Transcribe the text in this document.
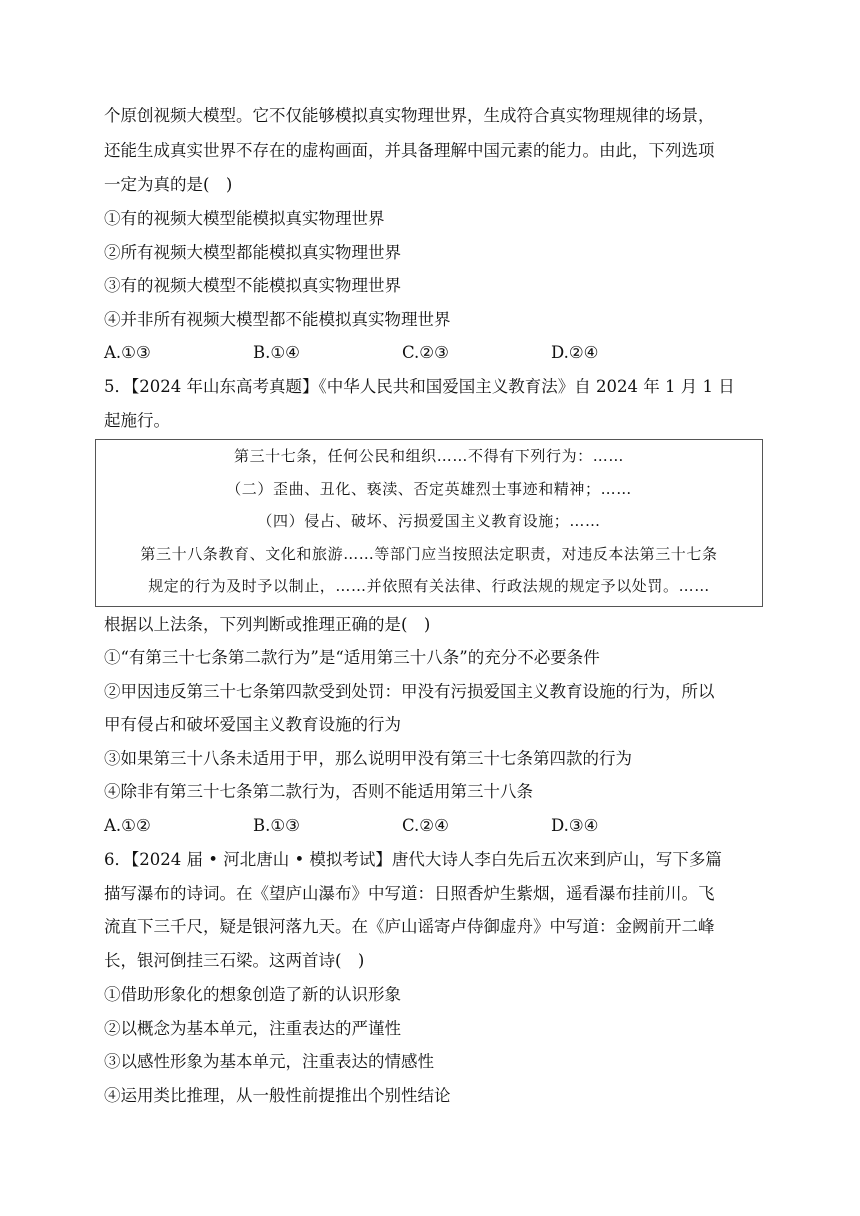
个原创视频大模型。它不仅能够模拟真实物理世界，生成符合真实物理规律的场景，
还能生成真实世界不存在的虚构画面，并具备理解中国元素的能力。由此，下列选项
一定为真的是(　)
①有的视频大模型能模拟真实物理世界
②所有视频大模型都能模拟真实物理世界
③有的视频大模型不能模拟真实物理世界
④并非所有视频大模型都不能模拟真实物理世界
A.①③	B.①④	C.②③	D.②④
5．【2024 年山东高考真题】《中华人民共和国爱国主义教育法》自 2024 年 1 月 1 日
起施行。
第三十七条，任何公民和组织……不得有下列行为：……
（二）歪曲、丑化、亵渎、否定英雄烈士事迹和精神；……
（四）侵占、破坏、污损爱国主义教育设施；……
第三十八条教育、文化和旅游……等部门应当按照法定职责，对违反本法第三十七条
规定的行为及时予以制止，……并依照有关法律、行政法规的规定予以处罚。……
根据以上法条，下列判断或推理正确的是(　)
①“有第三十七条第二款行为”是“适用第三十八条”的充分不必要条件
②甲因违反第三十七条第四款受到处罚：甲没有污损爱国主义教育设施的行为，所以
甲有侵占和破坏爱国主义教育设施的行为
③如果第三十八条未适用于甲，那么说明甲没有第三十七条第四款的行为
④除非有第三十七条第二款行为，否则不能适用第三十八条
A.①②	B.①③	C.②④	D.③④
6．【2024 届 • 河北唐山 • 模拟考试】唐代大诗人李白先后五次来到庐山，写下多篇
描写瀑布的诗词。在《望庐山瀑布》中写道：日照香炉生紫烟，遥看瀑布挂前川。飞
流直下三千尺，疑是银河落九天。在《庐山谣寄卢侍御虚舟》中写道：金阙前开二峰
长，银河倒挂三石梁。这两首诗(　)
①借助形象化的想象创造了新的认识形象
②以概念为基本单元，注重表达的严谨性
③以感性形象为基本单元，注重表达的情感性
④运用类比推理，从一般性前提推出个别性结论
